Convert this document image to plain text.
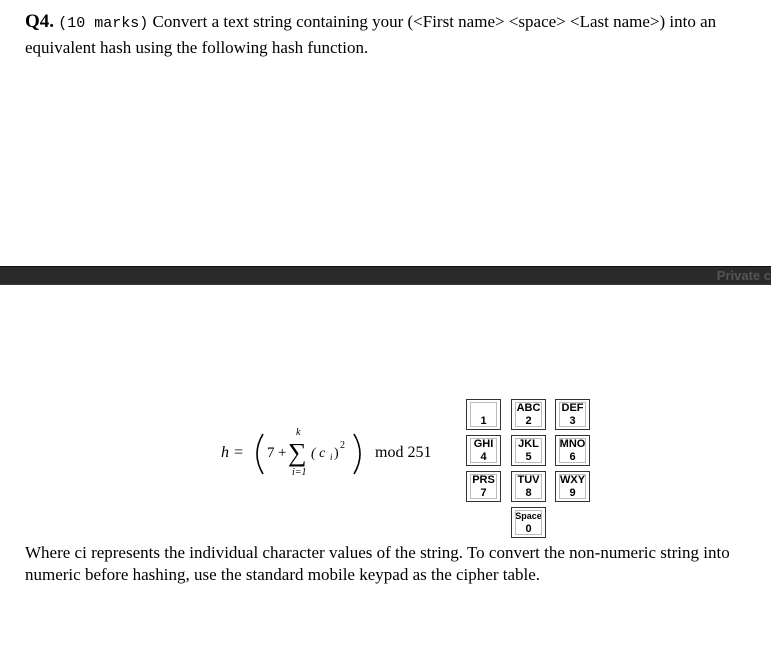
Q4. (10 marks) Convert a text string containing your (<First name> <space> <Last name>) into an equivalent hash using the following hash function.
Private c
h = 7 +
k
∑
i=1
( c i )
2 mod 251
1
ABC
2
DEF
3
GHI
4
JKL
5
MNO
6
PRS
7
TUV
8
WXY
9
Space
0
Where ci represents the individual character values of the string. To convert the non-numeric string into numeric before hashing, use the standard mobile keypad as the cipher table.
